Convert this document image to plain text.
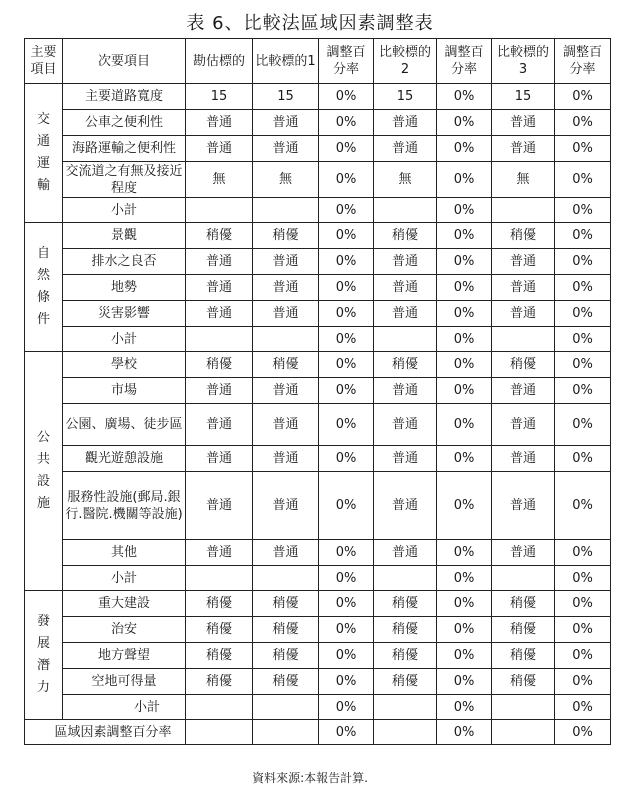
表 6、比較法區域因素調整表
主要項目	次要項目	勘估標的	比較標的1	調整百分率	比較標的2	調整百分率	比較標的3	調整百分率

交通運輸	主要道路寬度	15	15	0%	15	0%	15	0%
	公車之便利性	普通	普通	0%	普通	0%	普通	0%
	海路運輸之便利性	普通	普通	0%	普通	0%	普通	0%
	交流道之有無及接近程度	無	無	0%	無	0%	無	0%
	小計			0%		0%		0%

自然條件	景觀	稍優	稍優	0%	稍優	0%	稍優	0%
	排水之良否	普通	普通	0%	普通	0%	普通	0%
	地勢	普通	普通	0%	普通	0%	普通	0%
	災害影響	普通	普通	0%	普通	0%	普通	0%
	小計			0%		0%		0%

公共設施	學校	稍優	稍優	0%	稍優	0%	稍優	0%
	市場	普通	普通	0%	普通	0%	普通	0%
	公園、廣場、徒步區	普通	普通	0%	普通	0%	普通	0%
	觀光遊憩設施	普通	普通	0%	普通	0%	普通	0%
	服務性設施(郵局.銀行.醫院.機關等設施)	普通	普通	0%	普通	0%	普通	0%
	其他	普通	普通	0%	普通	0%	普通	0%
	小計			0%		0%		0%

發展潛力	重大建設	稍優	稍優	0%	稍優	0%	稍優	0%
	治安	稍優	稍優	0%	稍優	0%	稍優	0%
	地方聲望	稍優	稍優	0%	稍優	0%	稍優	0%
	空地可得量	稍優	稍優	0%	稍優	0%	稍優	0%
	小計			0%		0%		0%
區域因素調整百分率				0%		0%		0%
資料來源:本報告計算.
